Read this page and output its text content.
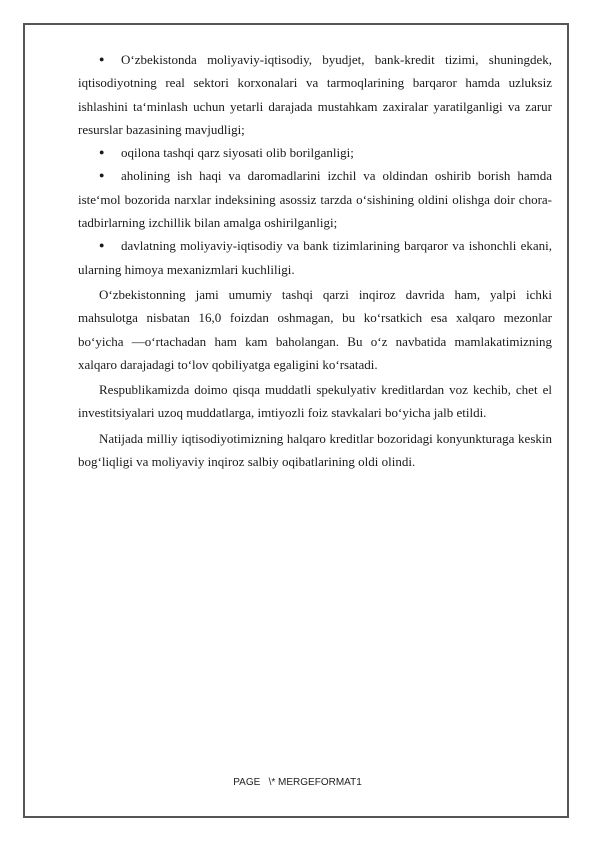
●	O‘zbekistonda moliyaviy-iqtisodiy, byudjet, bank-kredit tizimi, shuningdek, iqtisodiyotning real sektori korxonalari va tarmoqlarining barqaror hamda uzluksiz ishlashini ta‘minlash uchun yetarli darajada mustahkam zaxiralar yaratilganligi va zarur resurslar bazasining mavjudligi;

●	oqilona tashqi qarz siyosati olib borilganligi;

●	aholining ish haqi va daromadlarini izchil va oldindan oshirib borish hamda iste‘mol bozorida narxlar indeksining asossiz tarzda o‘sishining oldini olishga doir chora-tadbirlarning izchillik bilan amalga oshirilganligi;

●	davlatning moliyaviy-iqtisodiy va bank tizimlarining barqaror va ishonchli ekani, ularning himoya mexanizmlari kuchliligi.

O‘zbekistonning jami umumiy tashqi qarzi inqiroz davrida ham, yalpi ichki mahsulotga nisbatan 16,0 foizdan oshmagan, bu ko‘rsatkich esa xalqaro mezonlar bo‘yicha —o‘rtachadan ham kam baholangan. Bu o‘z navbatida mamlakatimizning xalqaro darajadagi to‘lov qobiliyatga egaligini ko‘rsatadi.

Respublikamizda doimo qisqa muddatli spekulyativ kreditlardan voz kechib, chet el investitsiyalari uzoq muddatlarga, imtiyozli foiz stavkalari bo‘yicha jalb etildi.

Natijada milliy iqtisodiyotimizning halqaro kreditlar bozoridagi konyunkturaga keskin bog‘liqligi va moliyaviy inqiroz salbiy oqibatlarining oldi olindi.

PAGE   \* MERGEFORMAT1
